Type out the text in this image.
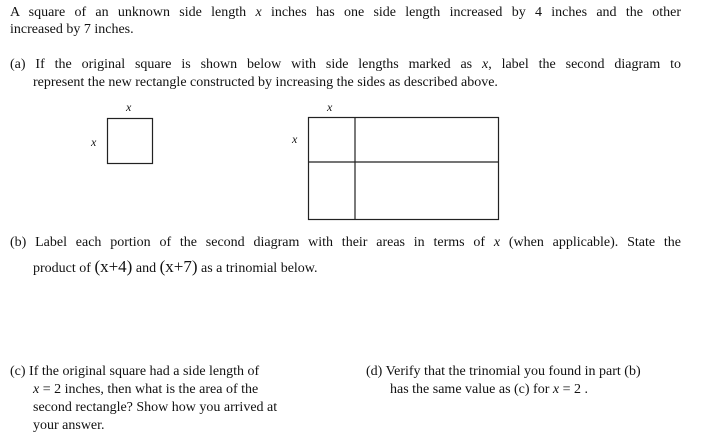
A square of an unknown side length x inches has one side length increased by 4 inches and the other
increased by 7 inches.
(a) If the original square is shown below with side lengths marked as x, label the second diagram to
represent the new rectangle constructed by increasing the sides as described above.
x
x
x
x
(b) Label each portion of the second diagram with their areas in terms of x (when applicable). State the
product of (x+4) and (x+7) as a trinomial below.
(c) If the original square had a side length of
x = 2 inches, then what is the area of the
second rectangle? Show how you arrived at
your answer.
(d) Verify that the trinomial you found in part (b)
has the same value as (c) for x = 2 .
